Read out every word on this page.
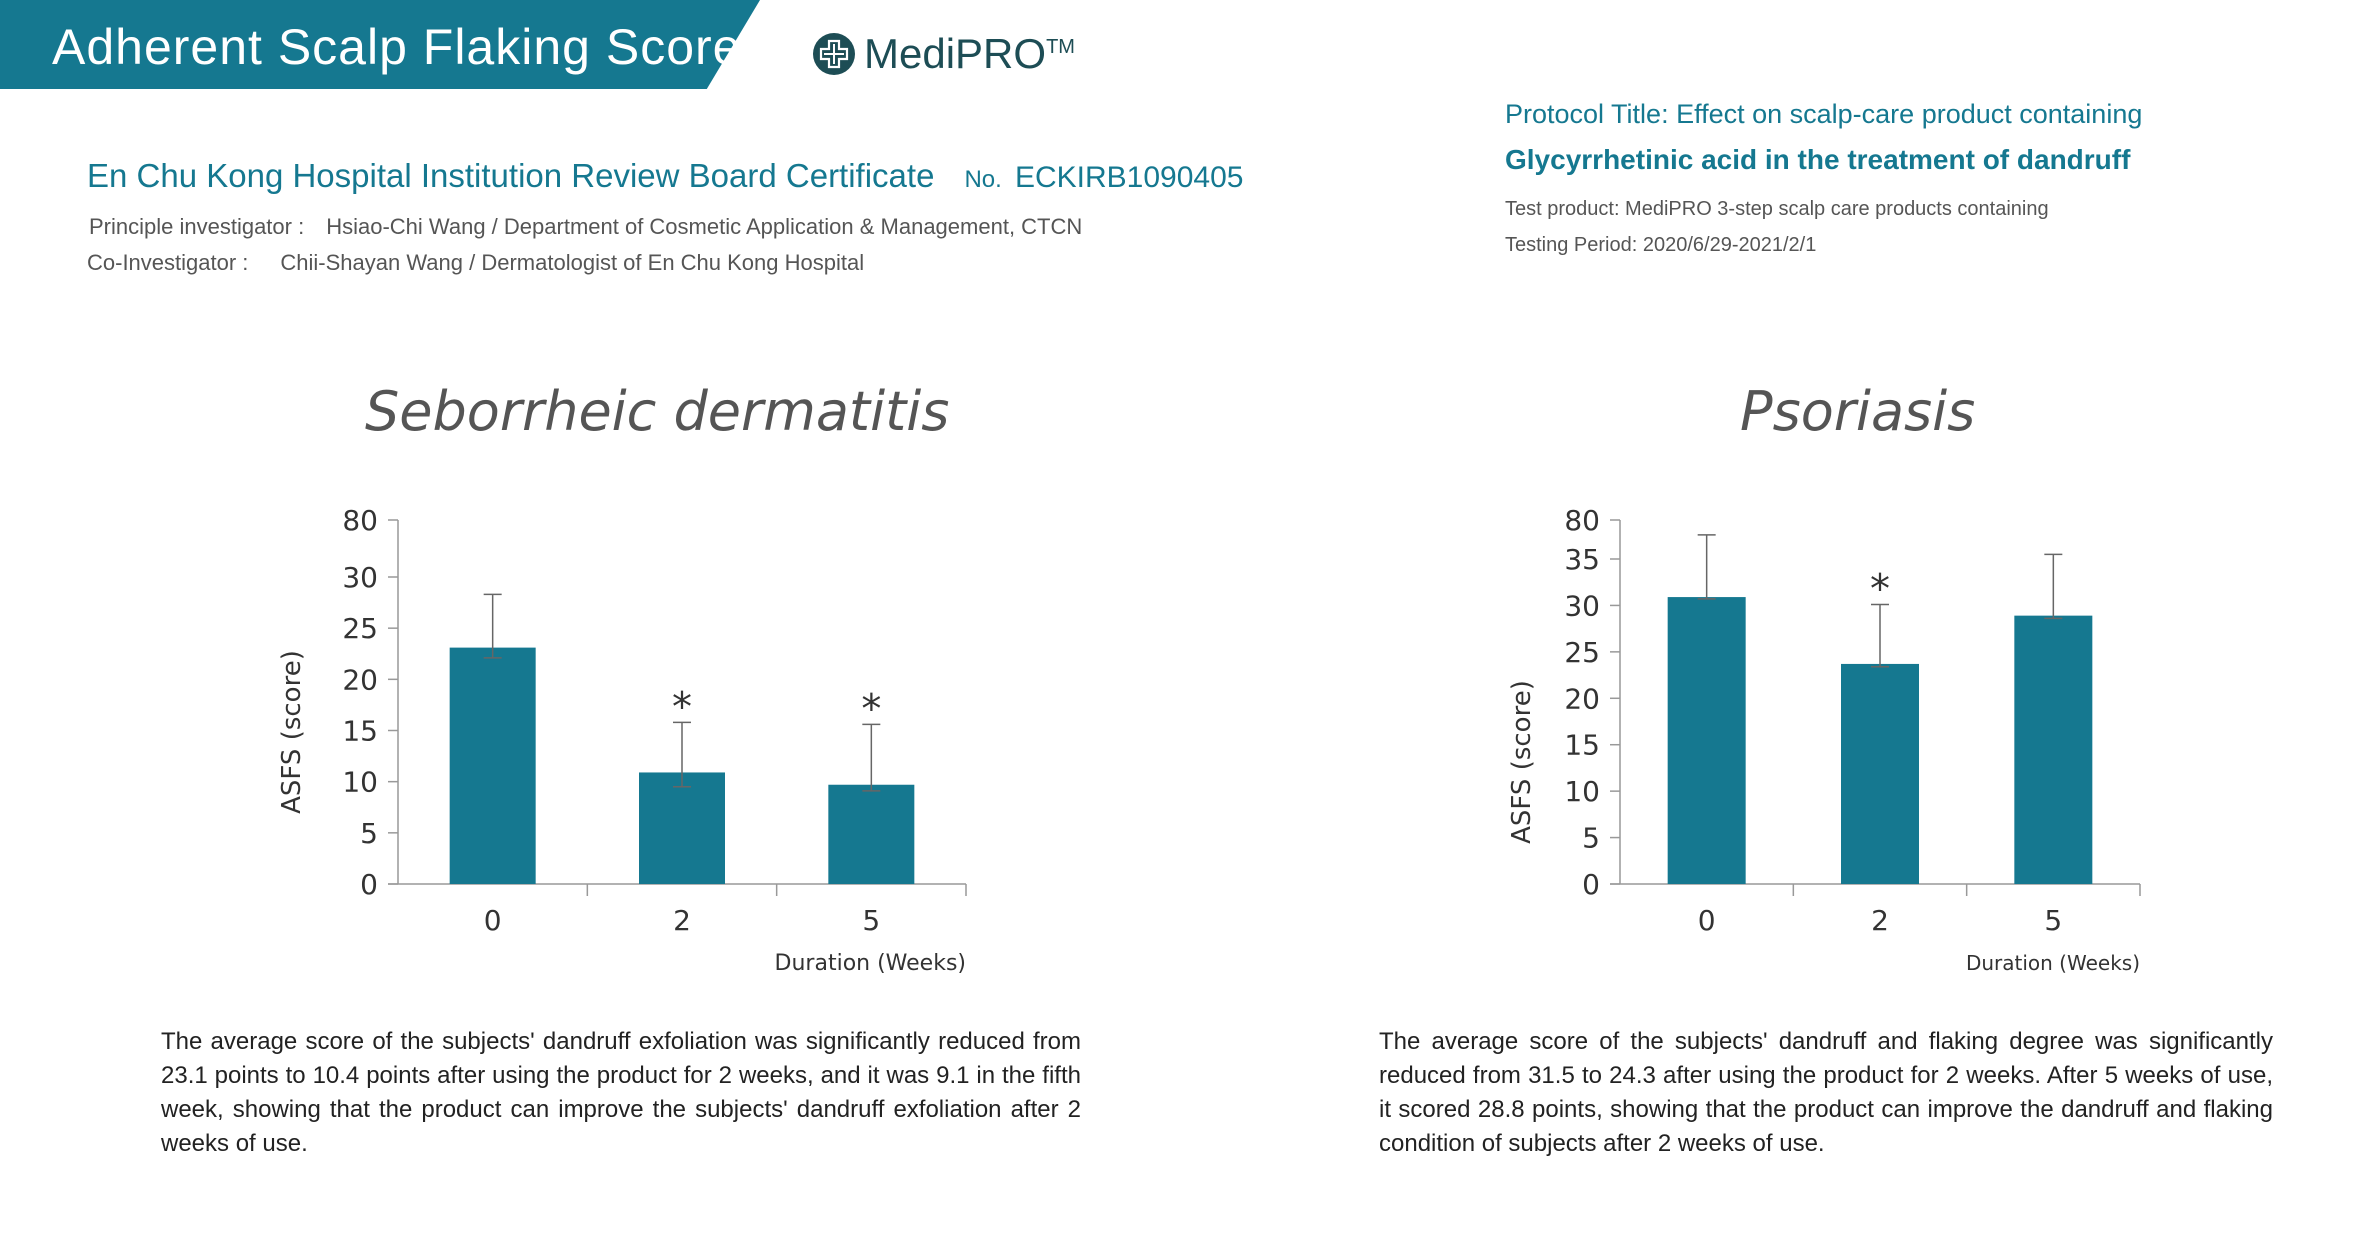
Adherent Scalp Flaking Score	MediPRO™
En Chu Kong Hospital Institution Review Board Certificate No. ECKIRB1090405
Principle investigator : Hsiao-Chi Wang / Department of Cosmetic Application & Management, CTCN
Co-Investigator : Chii-Shayan Wang / Dermatologist of En Chu Kong Hospital
Protocol Title: Effect on scalp-care product containing
Glycyrrhetinic acid in the treatment of dandruff
Test product: MediPRO 3-step scalp care products containing
Testing Period: 2020/6/29-2021/2/1
Seborrheic dermatitis	Psoriasis
0
5
10
15
20
25
30
80
0
*
2
*
5
Duration (Weeks)
ASFS (score)
0
5
10
15
20
25
30
35
80
0
*
2	5
Duration (Weeks)
ASFS (score)
The average score of the subjects' dandruff exfoliation was significantly reduced from 23.1 points to 10.4 points after using the product for 2 weeks, and it was 9.1 in the fifth week, showing that the product can improve the subjects' dandruff exfoliation after 2 weeks of use.
The average score of the subjects' dandruff and flaking degree was significantly reduced from 31.5 to 24.3 after using the product for 2 weeks. After 5 weeks of use, it scored 28.8 points, showing that the product can improve the dandruff and flaking condition of subjects after 2 weeks of use.
